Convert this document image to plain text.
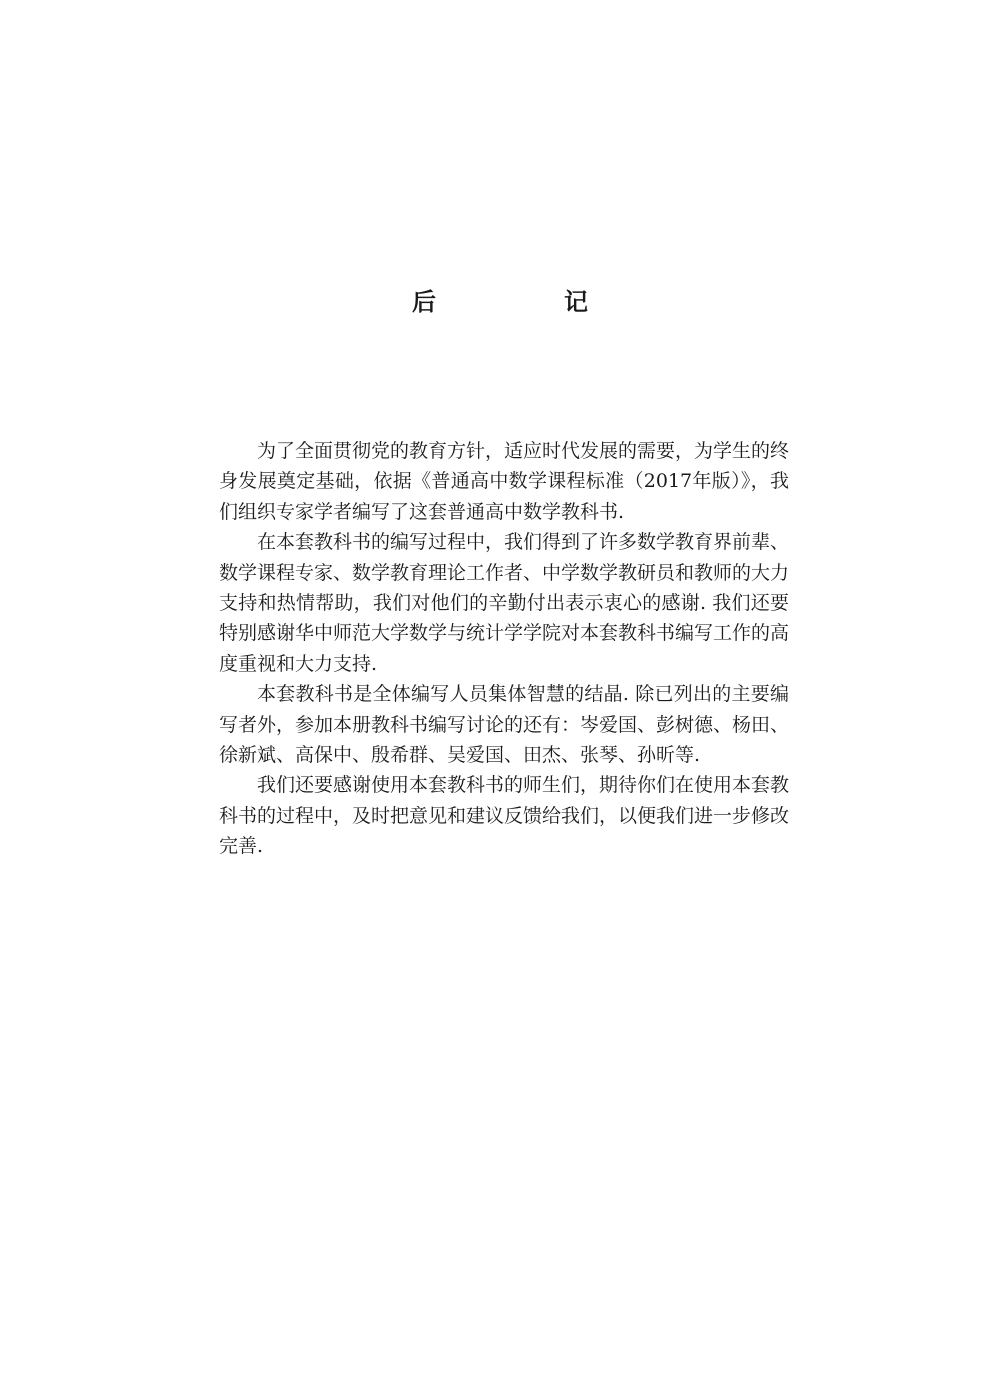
后　记

为了全面贯彻党的教育方针，适应时代发展的需要，为学生的终身发展奠定基础，依据《普通高中数学课程标准（2017年版）》，我们组织专家学者编写了这套普通高中数学教科书.

在本套教科书的编写过程中，我们得到了许多数学教育界前辈、数学课程专家、数学教育理论工作者、中学数学教研员和教师的大力支持和热情帮助，我们对他们的辛勤付出表示衷心的感谢. 我们还要特别感谢华中师范大学数学与统计学学院对本套教科书编写工作的高度重视和大力支持.

本套教科书是全体编写人员集体智慧的结晶. 除已列出的主要编写者外，参加本册教科书编写讨论的还有：岑爱国、彭树德、杨田、徐新斌、高保中、殷希群、吴爱国、田杰、张琴、孙昕等.

我们还要感谢使用本套教科书的师生们，期待你们在使用本套教科书的过程中，及时把意见和建议反馈给我们，以便我们进一步修改完善.
